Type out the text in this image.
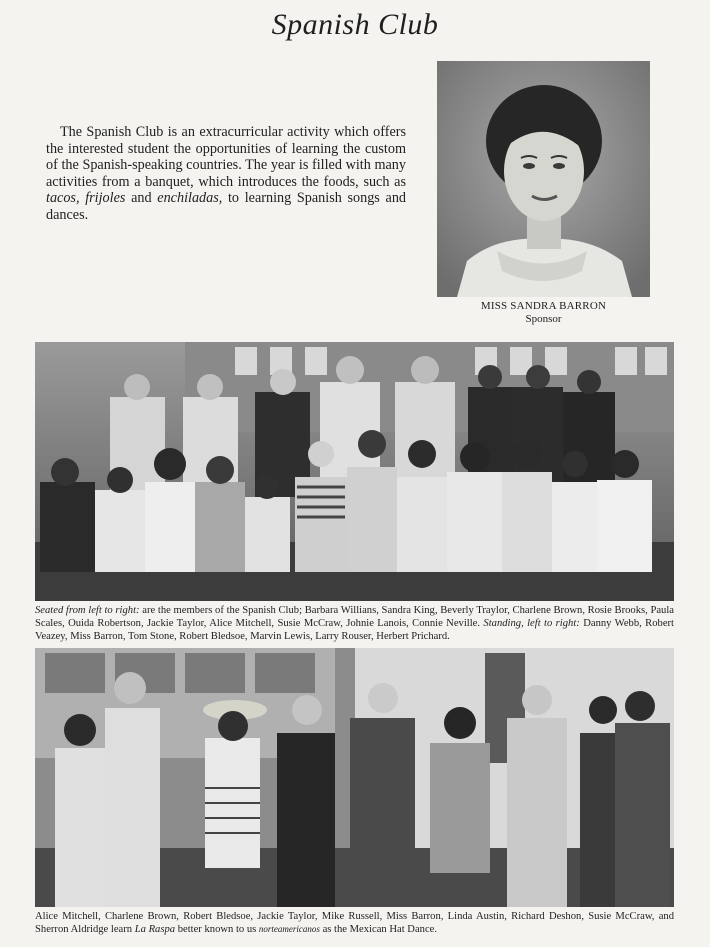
Spanish Club

The Spanish Club is an extracurricular activity which offers the interested student the opportunities of learning the custom of the Spanish-speaking countries. The year is filled with many activities from a banquet, which introduces the foods, such as tacos, frijoles and enchiladas, to learning Spanish songs and dances.

MISS SANDRA BARRON
Sponsor

Seated from left to right: are the members of the Spanish Club; Barbara Willians, Sandra King, Beverly Traylor, Charlene Brown, Rosie Brooks, Paula Scales, Ouida Robertson, Jackie Taylor, Alice Mitchell, Susie McCraw, Johnie Lanois, Connie Neville. Standing, left to right: Danny Webb, Robert Veazey, Miss Barron, Tom Stone, Robert Bledsoe, Marvin Lewis, Larry Rouser, Herbert Prichard.

Alice Mitchell, Charlene Brown, Robert Bledsoe, Jackie Taylor, Mike Russell, Miss Barron, Linda Austin, Richard Deshon, Susie McCraw, and Sherron Aldridge learn La Raspa better known to us norteamericanos as the Mexican Hat Dance.
